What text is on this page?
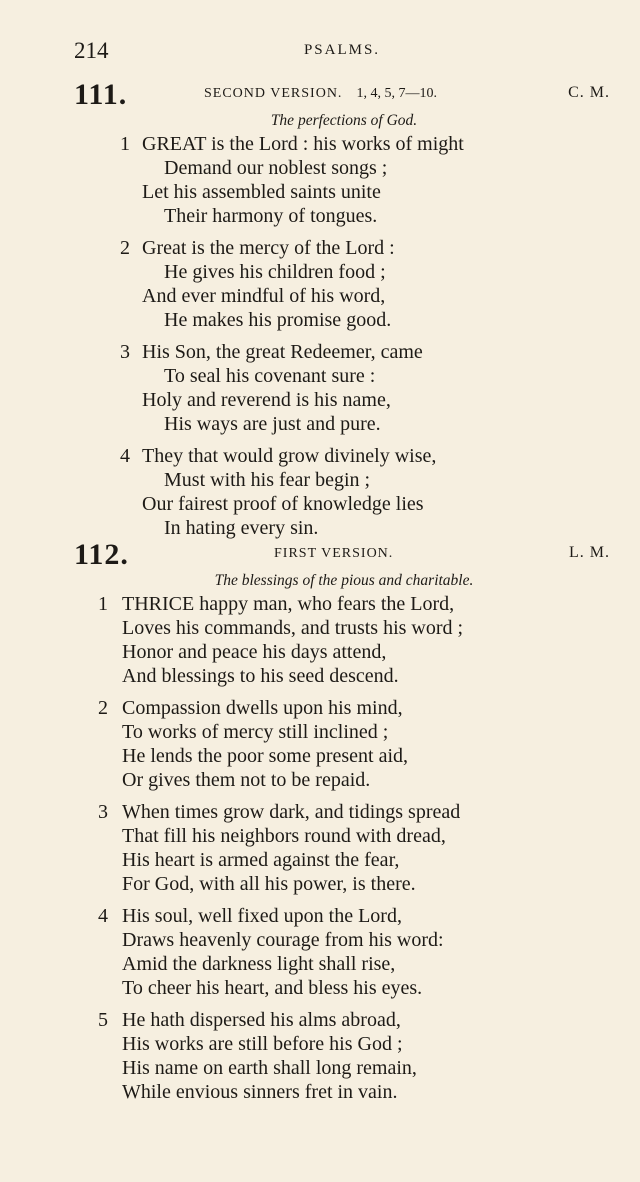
214	PSALMS.
111.	SECOND VERSION. 1, 4, 5, 7—10.	C. M.
The perfections of God.
1 GREAT is the Lord : his works of might
Demand our noblest songs ;
Let his assembled saints unite
Their harmony of tongues.
2 Great is the mercy of the Lord :
He gives his children food ;
And ever mindful of his word,
He makes his promise good.
3 His Son, the great Redeemer, came
To seal his covenant sure :
Holy and reverend is his name,
His ways are just and pure.
4 They that would grow divinely wise,
Must with his fear begin ;
Our fairest proof of knowledge lies
In hating every sin.
112.	FIRST VERSION.	L. M.
The blessings of the pious and charitable.
1 THRICE happy man, who fears the Lord,
Loves his commands, and trusts his word ;
Honor and peace his days attend,
And blessings to his seed descend.
2 Compassion dwells upon his mind,
To works of mercy still inclined ;
He lends the poor some present aid,
Or gives them not to be repaid.
3 When times grow dark, and tidings spread
That fill his neighbors round with dread,
His heart is armed against the fear,
For God, with all his power, is there.
4 His soul, well fixed upon the Lord,
Draws heavenly courage from his word:
Amid the darkness light shall rise,
To cheer his heart, and bless his eyes.
5 He hath dispersed his alms abroad,
His works are still before his God ;
His name on earth shall long remain,
While envious sinners fret in vain.
